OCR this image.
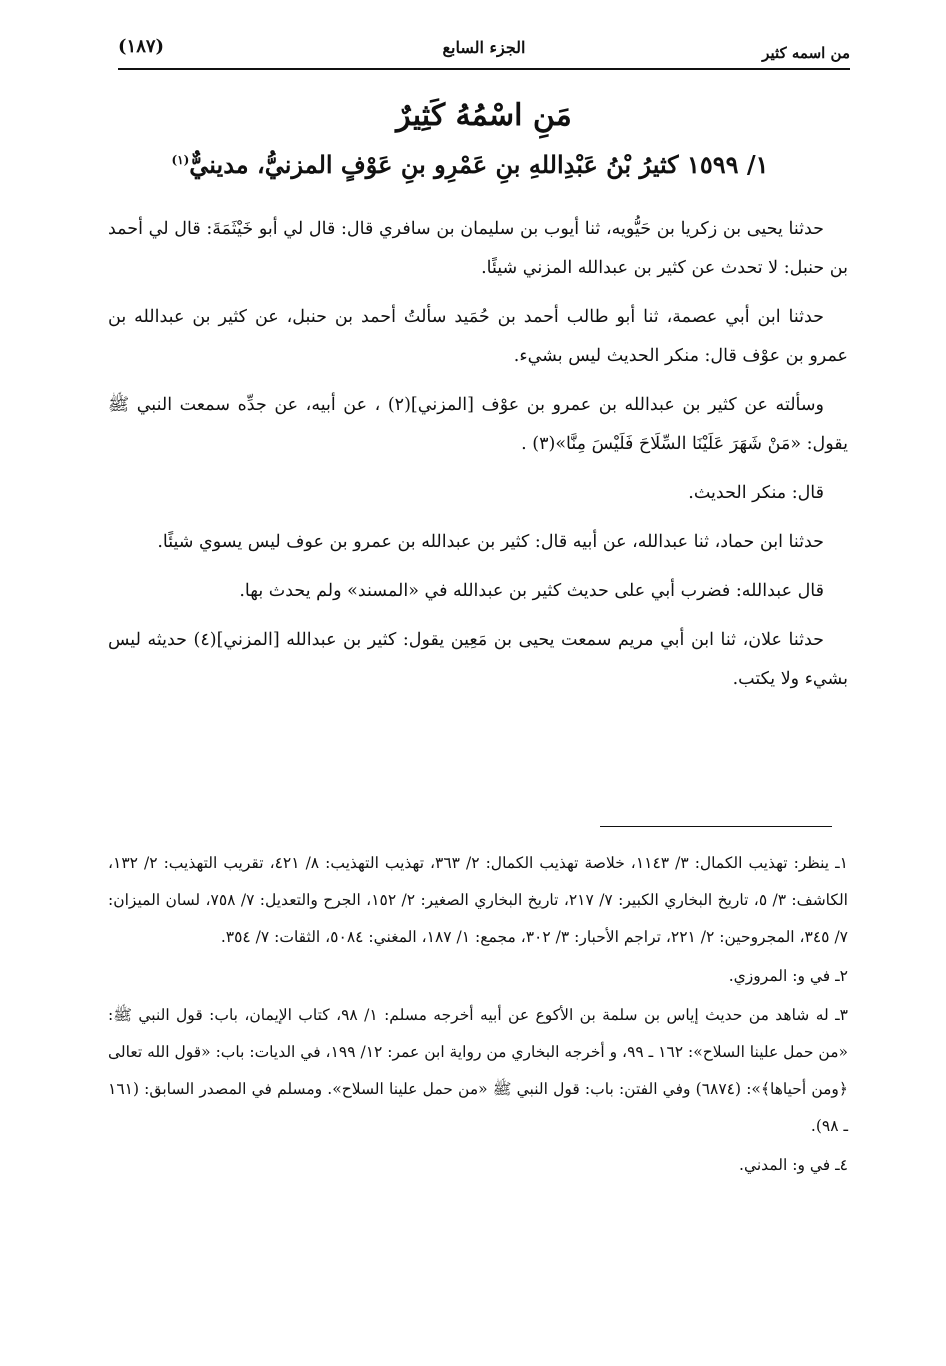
من اسمه كثير
الجزء السابع
(١٨٧)
مَنِ اسْمُهُ كَثِيرٌ
١/ ١٥٩٩ كثيرُ بْنُ عَبْدِاللهِ بنِ عَمْرِو بنِ عَوْفٍ المزنيُّ، مدينيٌّ$^{(١)}$

حدثنا يحيى بن زكريا بن حَيُّويه، ثنا أيوب بن سليمان بن سافري قال: قال لي أبو خَيْثَمَةَ: قال لي أحمد بن حنبل: لا تحدث عن كثير بن عبدالله المزني شيئًا.

حدثنا ابن أبي عصمة، ثنا أبو طالب أحمد بن حُمَيد سألتُ أحمد بن حنبل، عن كثير بن عبدالله بن عمرو بن عوْف قال: منكر الحديث ليس بشيء.

وسألته عن كثير بن عبدالله بن عمرو بن عوْف [المزني](٢) ، عن أبيه، عن جدِّه سمعت النبي ﷺ يقول: «مَنْ شَهَرَ عَلَيْنَا السِّلَاحَ فَلَيْسَ مِنَّا»(٣) .

قال: منكر الحديث.

حدثنا ابن حماد، ثنا عبدالله، عن أبيه قال: كثير بن عبدالله بن عمرو بن عوف ليس يسوي شيئًا.

قال عبدالله: فضرب أبي على حديث كثير بن عبدالله في «المسند» ولم يحدث بها.

حدثنا علان، ثنا ابن أبي مريم سمعت يحيى بن مَعِين يقول: كثير بن عبدالله [المزني](٤) حديثه ليس بشيء ولا يكتب.

١ـ ينظر: تهذيب الكمال: ٣/ ١١٤٣، خلاصة تهذيب الكمال: ٢/ ٣٦٣، تهذيب التهذيب: ٨/ ٤٢١، تقريب التهذيب: ٢/ ١٣٢، الكاشف: ٣/ ٥، تاريخ البخاري الكبير: ٧/ ٢١٧، تاريخ البخاري الصغير: ٢/ ١٥٢، الجرح والتعديل: ٧/ ٧٥٨، لسان الميزان: ٧/ ٣٤٥، المجروحين: ٢/ ٢٢١، تراجم الأحبار: ٣/ ٣٠٢، مجمع: ١/ ١٨٧، المغني: ٥٠٨٤، الثقات: ٧/ ٣٥٤.

٢ـ في و: المروزي.

٣ـ له شاهد من حديث إياس بن سلمة بن الأكوع عن أبيه أخرجه مسلم: ١/ ٩٨، كتاب الإيمان، باب: قول النبي ﷺ: «من حمل علينا السلاح»: ١٦٢ ـ ٩٩، و أخرجه البخاري من رواية ابن عمر: ١٢/ ١٩٩، في الديات: باب: «قول الله تعالى ﴿ومن أحياها﴾»: (٦٨٧٤) وفي الفتن: باب: قول النبي ﷺ «من حمل علينا السلاح». ومسلم في المصدر السابق: (١٦١ ـ ٩٨).

٤ـ في و: المدني.
